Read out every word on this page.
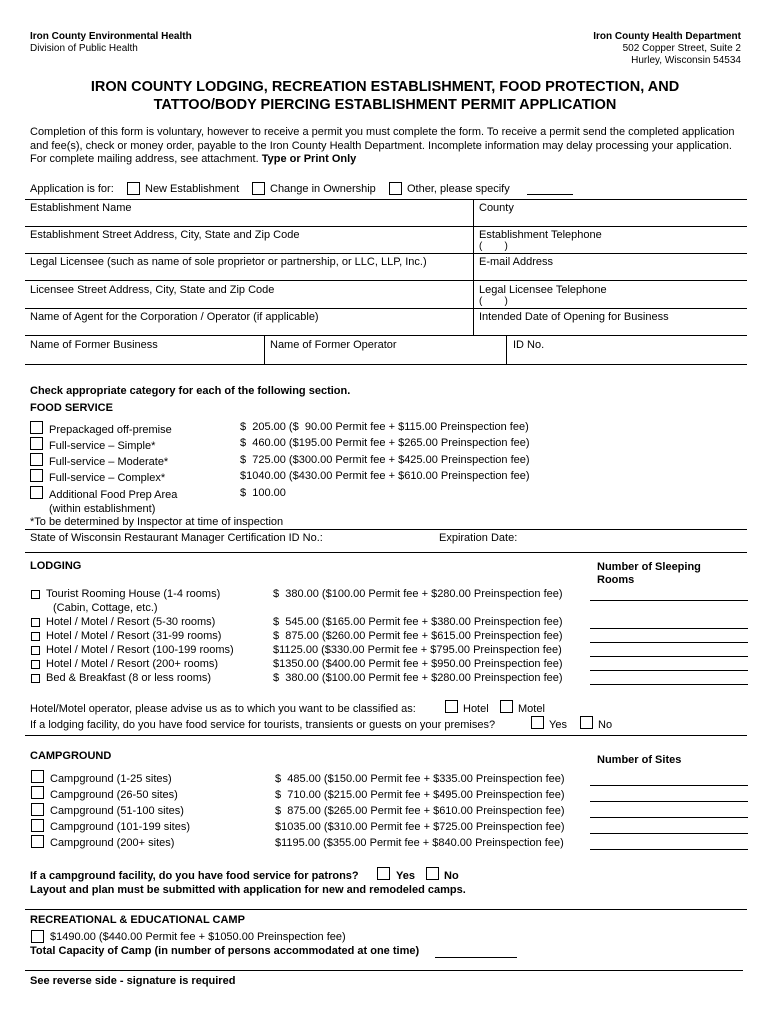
Iron County Environmental Health
Division of Public Health
Iron County Health Department
502 Copper Street, Suite 2
Hurley, Wisconsin 54534
IRON COUNTY LODGING, RECREATION ESTABLISHMENT, FOOD PROTECTION, AND
TATTOO/BODY PIERCING ESTABLISHMENT PERMIT APPLICATION
Completion of this form is voluntary, however to receive a permit you must complete the form. To receive a permit send the completed application and fee(s), check or money order, payable to the Iron County Health Department. Incomplete information may delay processing your application. For complete mailing address, see attachment. Type or Print Only
Application is for:	New Establishment	Change in Ownership	Other, please specify
Establishment Name	County
Establishment Street Address, City, State and Zip Code	Establishment Telephone
(        )
Legal Licensee (such as name of sole proprietor or partnership, or LLC, LLP, Inc.)	E-mail Address
Licensee Street Address, City, State and Zip Code	Legal Licensee Telephone
(        )
Name of Agent for the Corporation / Operator (if applicable)	Intended Date of Opening for Business
Name of Former Business	Name of Former Operator	ID No.
Check appropriate category for each of the following section.
FOOD SERVICE
Prepackaged off-premise	$  205.00 ($  90.00 Permit fee + $115.00 Preinspection fee)
Full-service – Simple*	$  460.00 ($195.00 Permit fee + $265.00 Preinspection fee)
Full-service – Moderate*	$  725.00 ($300.00 Permit fee + $425.00 Preinspection fee)
Full-service – Complex*	$1040.00 ($430.00 Permit fee + $610.00 Preinspection fee)
Additional Food Prep Area	$  100.00
(within establishment)
*To be determined by Inspector at time of inspection
State of Wisconsin Restaurant Manager Certification ID No.:	Expiration Date:
LODGING	Number of Sleeping
Rooms
Tourist Rooming House (1-4 rooms)	$  380.00 ($100.00 Permit fee + $280.00 Preinspection fee)
(Cabin, Cottage, etc.)
Hotel / Motel / Resort (5-30 rooms)	$  545.00 ($165.00 Permit fee + $380.00 Preinspection fee)
Hotel / Motel / Resort (31-99 rooms)	$  875.00 ($260.00 Permit fee + $615.00 Preinspection fee)
Hotel / Motel / Resort (100-199 rooms)	$1125.00 ($330.00 Permit fee + $795.00 Preinspection fee)
Hotel / Motel / Resort (200+ rooms)	$1350.00 ($400.00 Permit fee + $950.00 Preinspection fee)
Bed & Breakfast (8 or less rooms)	$  380.00 ($100.00 Permit fee + $280.00 Preinspection fee)
Hotel/Motel operator, please advise us as to which you want to be classified as:	Hotel	Motel
If a lodging facility, do you have food service for tourists, transients or guests on your premises?	Yes	No
CAMPGROUND	Number of Sites
Campground (1-25 sites)	$  485.00 ($150.00 Permit fee + $335.00 Preinspection fee)
Campground (26-50 sites)	$  710.00 ($215.00 Permit fee + $495.00 Preinspection fee)
Campground (51-100 sites)	$  875.00 ($265.00 Permit fee + $610.00 Preinspection fee)
Campground (101-199 sites)	$1035.00 ($310.00 Permit fee + $725.00 Preinspection fee)
Campground (200+ sites)	$1195.00 ($355.00 Permit fee + $840.00 Preinspection fee)
If a campground facility, do you have food service for patrons?	Yes	No
Layout and plan must be submitted with application for new and remodeled camps.
RECREATIONAL & EDUCATIONAL CAMP
$1490.00 ($440.00 Permit fee + $1050.00 Preinspection fee)
Total Capacity of Camp (in number of persons accommodated at one time)
See reverse side - signature is required
